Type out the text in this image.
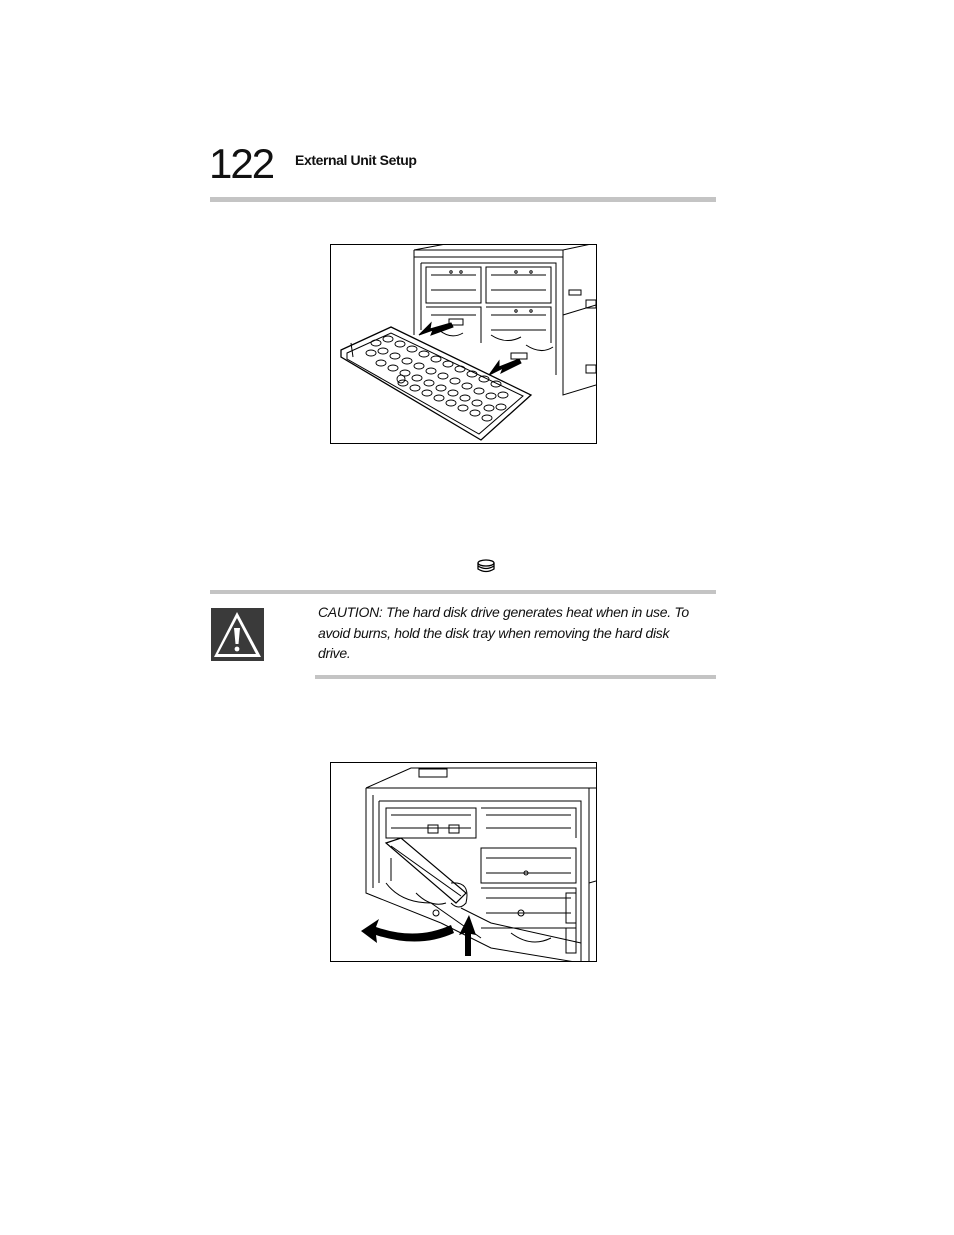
122 External Unit Setup
CAUTION: The hard disk drive generates heat when in use. To avoid burns, hold the disk tray when removing the hard disk drive.
